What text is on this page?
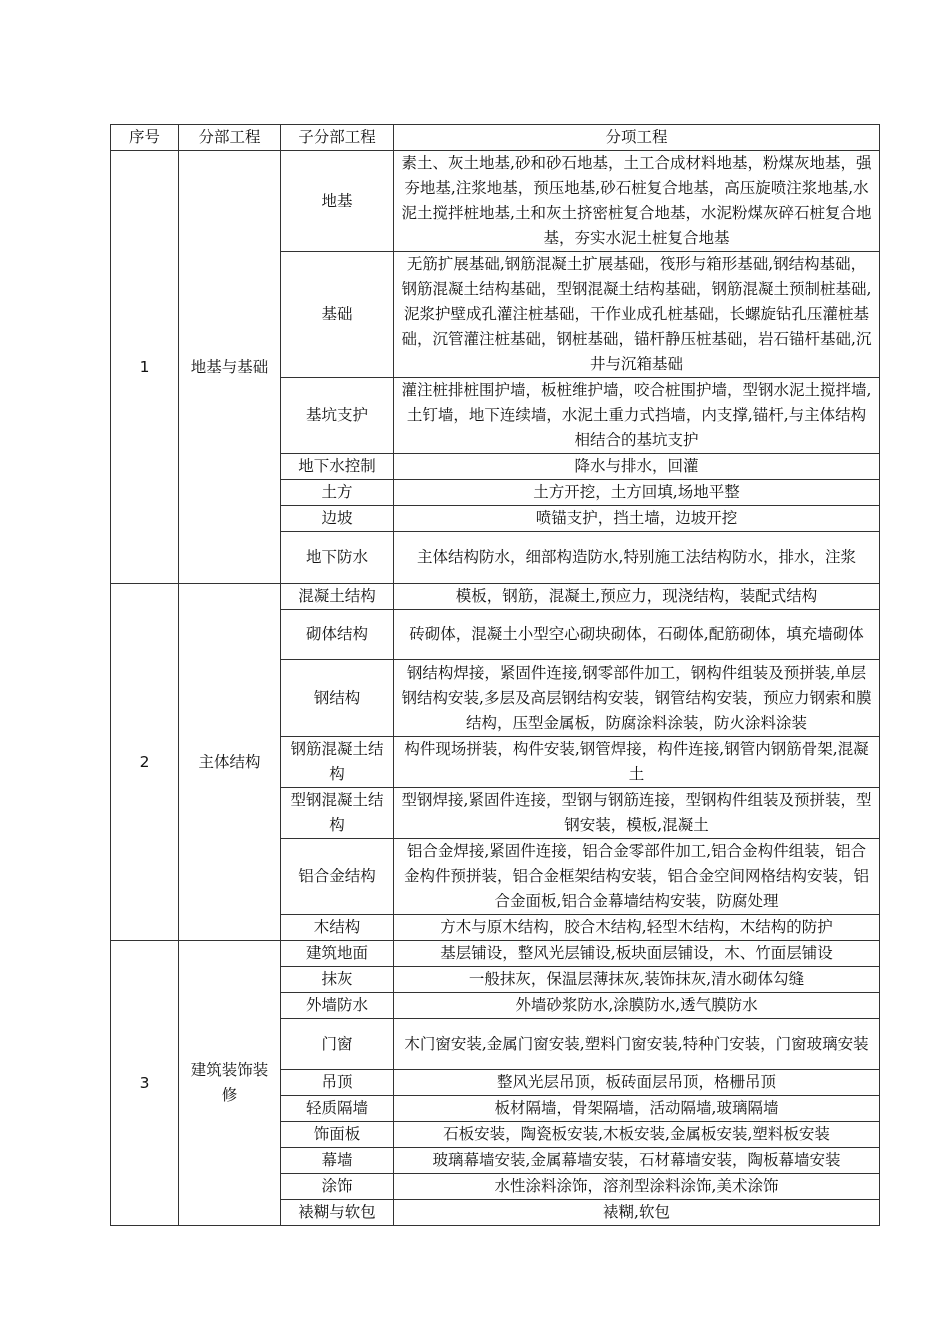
序号	分部工程	子分部工程	分项工程
1	地基与基础	地基	素土、灰土地基,砂和砂石地基，土工合成材料地基，粉煤灰地基，强夯地基,注浆地基，预压地基,砂石桩复合地基，高压旋喷注浆地基,水泥土搅拌桩地基,土和灰土挤密桩复合地基，水泥粉煤灰碎石桩复合地基，夯实水泥土桩复合地基
		基础	无筋扩展基础,钢筋混凝土扩展基础，筏形与箱形基础,钢结构基础，钢筋混凝土结构基础，型钢混凝土结构基础，钢筋混凝土预制桩基础,泥浆护壁成孔灌注桩基础，干作业成孔桩基础，长螺旋钻孔压灌桩基础，沉管灌注桩基础，钢桩基础，锚杆静压桩基础，岩石锚杆基础,沉井与沉箱基础
		基坑支护	灌注桩排桩围护墙，板桩维护墙，咬合桩围护墙，型钢水泥土搅拌墙,土钉墙，地下连续墙，水泥土重力式挡墙，内支撑,锚杆,与主体结构相结合的基坑支护
		地下水控制	降水与排水，回灌
		土方	土方开挖，土方回填,场地平整
		边坡	喷锚支护，挡土墙，边坡开挖
		地下防水	主体结构防水，细部构造防水,特别施工法结构防水，排水，注浆
2	主体结构	混凝土结构	模板，钢筋，混凝土,预应力，现浇结构，装配式结构
		砌体结构	砖砌体，混凝土小型空心砌块砌体，石砌体,配筋砌体，填充墙砌体
		钢结构	钢结构焊接，紧固件连接,钢零部件加工，钢构件组装及预拼装,单层钢结构安装,多层及高层钢结构安装，钢管结构安装，预应力钢索和膜结构，压型金属板，防腐涂料涂装，防火涂料涂装
		钢筋混凝土结构	构件现场拼装，构件安装,钢管焊接，构件连接,钢管内钢筋骨架,混凝土
		型钢混凝土结构	型钢焊接,紧固件连接，型钢与钢筋连接，型钢构件组装及预拼装，型钢安装，模板,混凝土
		铝合金结构	铝合金焊接,紧固件连接，铝合金零部件加工,铝合金构件组装，铝合金构件预拼装，铝合金框架结构安装，铝合金空间网格结构安装，铝合金面板,铝合金幕墙结构安装，防腐处理
		木结构	方木与原木结构，胶合木结构,轻型木结构，木结构的防护
3	建筑装饰装修	建筑地面	基层铺设，整风光层铺设,板块面层铺设，木、竹面层铺设
		抹灰	一般抹灰，保温层薄抹灰,装饰抹灰,清水砌体勾缝
		外墙防水	外墙砂浆防水,涂膜防水,透气膜防水
		门窗	木门窗安装,金属门窗安装,塑料门窗安装,特种门安装，门窗玻璃安装
		吊顶	整风光层吊顶，板砖面层吊顶，格栅吊顶
		轻质隔墙	板材隔墙，骨架隔墙，活动隔墙,玻璃隔墙
		饰面板	石板安装，陶瓷板安装,木板安装,金属板安装,塑料板安装
		幕墙	玻璃幕墙安装,金属幕墙安装，石材幕墙安装，陶板幕墙安装
		涂饰	水性涂料涂饰，溶剂型涂料涂饰,美术涂饰
		裱糊与软包	裱糊,软包
